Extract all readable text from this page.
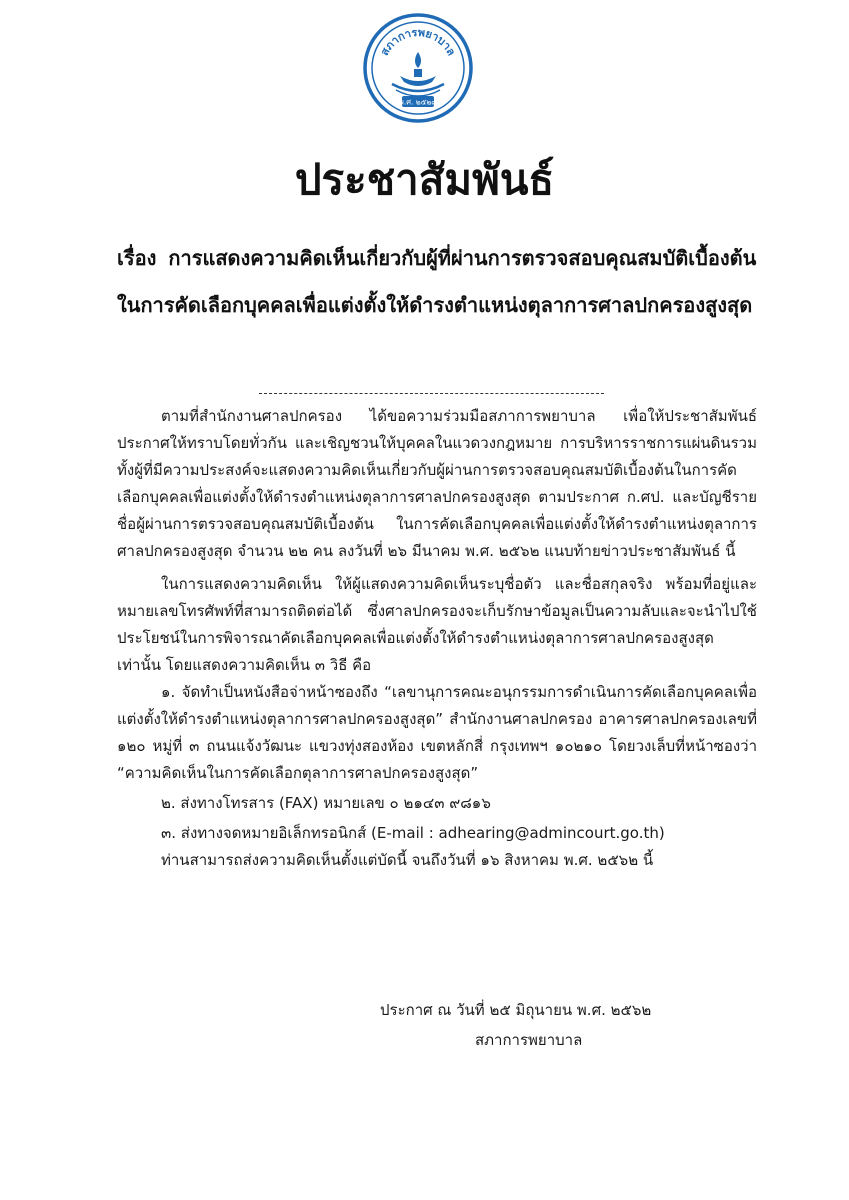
สภาการพยาบาล
พ.ศ. ๒๕๒๘
ประชาสัมพันธ์
เรื่อง การแสดงความคิดเห็นเกี่ยวกับผู้ที่ผ่านการตรวจสอบคุณสมบัติเบื้องต้นในการคัดเลือกบุคคลเพื่อแต่งตั้งให้ดำรงตำแหน่งตุลาการศาลปกครองสูงสุด

ตามที่สำนักงานศาลปกครอง ได้ขอความร่วมมือสภาการพยาบาล เพื่อให้ประชาสัมพันธ์ประกาศให้ทราบโดยทั่วกัน และเชิญชวนให้บุคคลในแวดวงกฎหมาย การบริหารราชการแผ่นดินรวมทั้งผู้ที่มีความประสงค์จะแสดงความคิดเห็นเกี่ยวกับผู้ผ่านการตรวจสอบคุณสมบัติเบื้องต้นในการคัดเลือกบุคคลเพื่อแต่งตั้งให้ดำรงตำแหน่งตุลาการศาลปกครองสูงสุด ตามประกาศ ก.ศป. และบัญชีรายชื่อผู้ผ่านการตรวจสอบคุณสมบัติเบื้องต้น ในการคัดเลือกบุคคลเพื่อแต่งตั้งให้ดำรงตำแหน่งตุลาการศาลปกครองสูงสุด จำนวน ๒๒ คน ลงวันที่ ๒๖ มีนาคม พ.ศ. ๒๕๖๒ แนบท้ายข่าวประชาสัมพันธ์ นี้

ในการแสดงความคิดเห็น ให้ผู้แสดงความคิดเห็นระบุชื่อตัว และชื่อสกุลจริง พร้อมที่อยู่และหมายเลขโทรศัพท์ที่สามารถติดต่อได้ ซึ่งศาลปกครองจะเก็บรักษาข้อมูลเป็นความลับและจะนำไปใช้ประโยชน์ในการพิจารณาคัดเลือกบุคคลเพื่อแต่งตั้งให้ดำรงตำแหน่งตุลาการศาลปกครองสูงสุดเท่านั้น โดยแสดงความคิดเห็น ๓ วิธี คือ

๑. จัดทำเป็นหนังสือจ่าหน้าซองถึง “เลขานุการคณะอนุกรรมการดำเนินการคัดเลือกบุคคลเพื่อแต่งตั้งให้ดำรงตำแหน่งตุลาการศาลปกครองสูงสุด” สำนักงานศาลปกครอง อาคารศาลปกครองเลขที่ ๑๒๐ หมู่ที่ ๓ ถนนแจ้งวัฒนะ แขวงทุ่งสองห้อง เขตหลักสี่ กรุงเทพฯ ๑๐๒๑๐ โดยวงเล็บที่หน้าซองว่า “ความคิดเห็นในการคัดเลือกตุลาการศาลปกครองสูงสุด”

๒. ส่งทางโทรสาร (FAX) หมายเลข ๐ ๒๑๔๓ ๙๘๑๖

๓. ส่งทางจดหมายอิเล็กทรอนิกส์ (E-mail : adhearing@admincourt.go.th)

ท่านสามารถส่งความคิดเห็นตั้งแต่บัดนี้ จนถึงวันที่ ๑๖ สิงหาคม พ.ศ. ๒๕๖๒ นี้

ประกาศ ณ วันที่ ๒๕ มิถุนายน พ.ศ. ๒๕๖๒
สภาการพยาบาล
